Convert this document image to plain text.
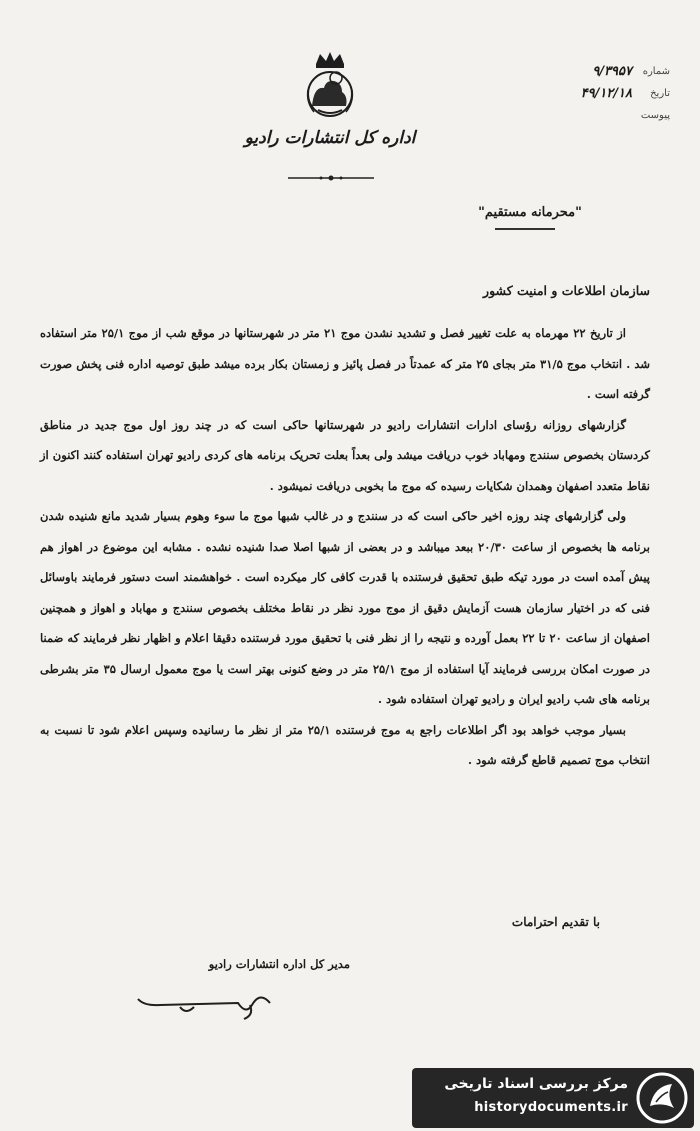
اداره کل انتشارات رادیو
شماره
۹/۳۹۵۷
تاریخ
۴۹/۱۲/۱۸
پیوست
"محرمانه مستقیم"
سازمان اطلاعات و امنیت کشور

از تاریخ ۲۲ مهرماه به علت تغییر فصل و تشدید نشدن موج ۲۱ متر در شهرستانها در موقع شب از موج ۲۵/۱ متر استفاده شد . انتخاب موج ۳۱/۵ متر بجای ۲۵ متر که عمدتاً در فصل پائیز و زمستان بکار برده میشد طبق توصیه اداره فنی پخش صورت گرفته است .

گزارشهای روزانه رؤسای ادارات انتشارات رادیو در شهرستانها حاکی است که در چند روز اول موج جدید در مناطق کردستان بخصوص سنندج ومهاباد خوب دریافت میشد ولی بعداً بعلت تحریک برنامه های کردی رادیو تهران استفاده کنند اکنون از نقاط متعدد اصفهان وهمدان شکایات رسیده که موج ما بخوبی دریافت نمیشود .

ولی گزارشهای چند روزه اخیر حاکی است که در سنندج و در غالب شبها موج ما سوء وهوم بسیار شدید مانع شنیده شدن برنامه ها بخصوص از ساعت ۲۰/۳۰ ببعد میباشد و در بعضی از شبها اصلا صدا شنیده نشده . مشابه این موضوع در اهواز هم پیش آمده است در مورد تیکه طبق تحقیق فرستنده با قدرت کافی کار میکرده است . خواهشمند است دستور فرمایند باوسائل فنی که در اختیار سازمان هست آزمایش دقیق از موج مورد نظر در نقاط مختلف بخصوص سنندج و مهاباد و اهواز و همچنین اصفهان از ساعت ۲۰ تا ۲۲ بعمل آورده و نتیجه را از نظر فنی با تحقیق مورد فرستنده دقیقا اعلام و اظهار نظر فرمایند که ضمنا در صورت امکان بررسی فرمایند آیا استفاده از موج ۲۵/۱ متر در وضع کنونی بهتر است یا موج معمول ارسال ۳۵ متر بشرطی برنامه های شب رادیو ایران و رادیو تهران استفاده شود .

بسیار موجب خواهد بود اگر اطلاعات راجع به موج فرستنده ۲۵/۱ متر از نظر ما رسانیده وسپس اعلام شود تا نسبت به انتخاب موج تصمیم قاطع گرفته شود .

با تقدیم احترامات
مدیر کل اداره انتشارات رادیو
مرکز بررسی اسناد تاریخی
historydocuments.ir
